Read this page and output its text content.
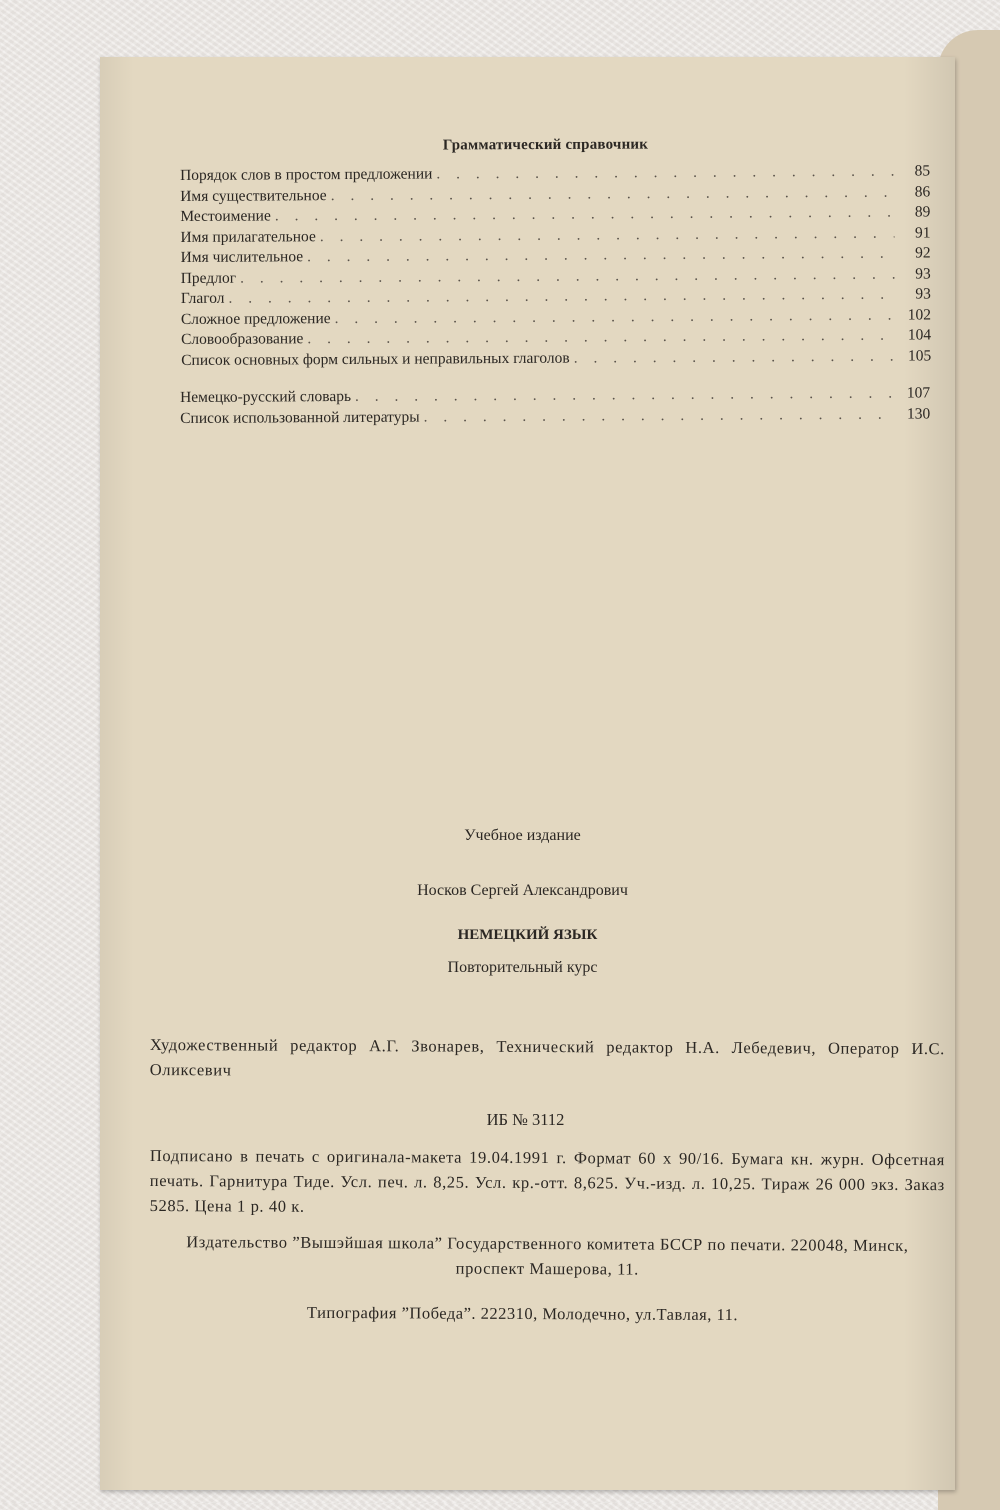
Грамматический справочник
Порядок слов в простом предложении . . .	85
Имя существительное . . .	86
Местоимение . . .	89
Имя прилагательное . . .	91
Имя числительное . . .	92
Предлог . . .	93
Глагол . . .	93
Сложное предложение . . .	102
Словообразование . . .	104
Список основных форм сильных и неправильных глаголов . . .	105
Немецко-русский словарь . . .	107
Список использованной литературы . . .	130
Учебное издание
Носков Сергей Александрович
НЕМЕЦКИЙ ЯЗЫК
Повторительный курс
Художественный редактор А.Г. Звонарев, Технический редактор Н.А. Лебедевич, Оператор И.С. Оликсевич
ИБ № 3112
Подписано в печать с оригинала-макета 19.04.1991 г. Формат 60 x 90/16. Бумага кн. журн. Офсетная печать. Гарнитура Тиде. Усл. печ. л. 8,25. Усл. кр.-отт. 8,625. Уч.-изд. л. 10,25. Тираж 26 000 экз. Заказ 5285. Цена 1 р. 40 к.
Издательство ”Вышэйшая школа” Государственного комитета БССР по печати. 220048, Минск, проспект Машерова, 11.
Типография ”Победа”. 222310, Молодечно, ул.Тавлая, 11.
